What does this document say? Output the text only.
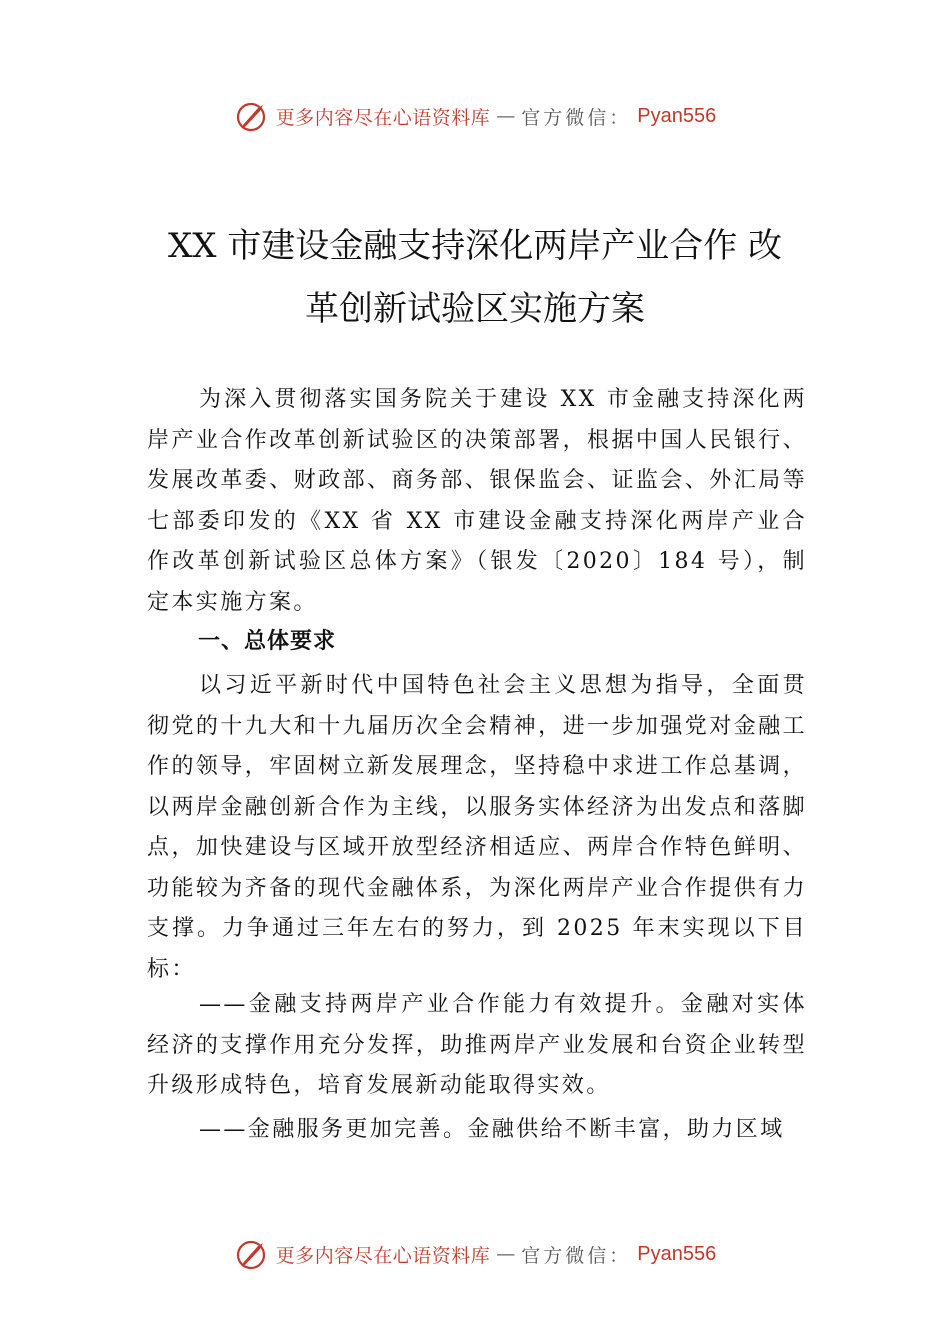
更多内容尽在心语资料库 — 官方微信： Pyan556
XX 市建设金融支持深化两岸产业合作 改
革创新试验区实施方案
为深入贯彻落实国务院关于建设 XX 市金融支持深化两岸产业合作改革创新试验区的决策部署，根据中国人民银行、发展改革委、财政部、商务部、银保监会、证监会、外汇局等七部委印发的《XX 省 XX 市建设金融支持深化两岸产业合作改革创新试验区总体方案》（银发〔2020〕184 号），制定本实施方案。
一、总体要求
以习近平新时代中国特色社会主义思想为指导，全面贯彻党的十九大和十九届历次全会精神，进一步加强党对金融工作的领导，牢固树立新发展理念，坚持稳中求进工作总基调，以两岸金融创新合作为主线，以服务实体经济为出发点和落脚点，加快建设与区域开放型经济相适应、两岸合作特色鲜明、功能较为齐备的现代金融体系，为深化两岸产业合作提供有力支撑。力争通过三年左右的努力，到 2025 年末实现以下目标：
——金融支持两岸产业合作能力有效提升。金融对实体经济的支撑作用充分发挥，助推两岸产业发展和台资企业转型升级形成特色，培育发展新动能取得实效。
——金融服务更加完善。金融供给不断丰富，助力区域
更多内容尽在心语资料库 — 官方微信： Pyan556
